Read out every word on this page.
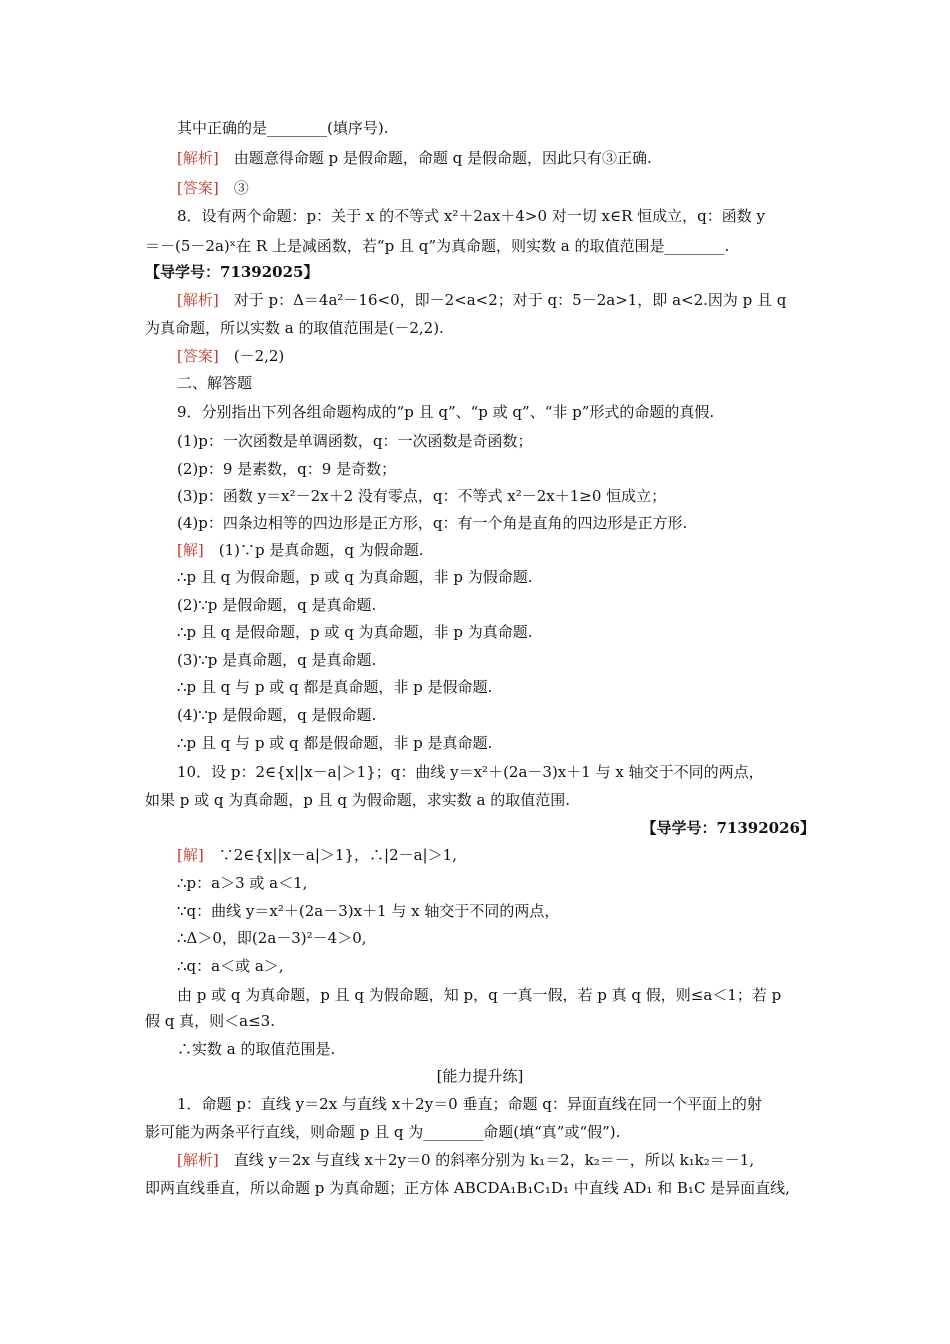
其中正确的是________(填序号).
[解析]　由题意得命题 p 是假命题，命题 q 是假命题，因此只有③正确.
[答案]　③
8．设有两个命题：p：关于 x 的不等式 x²＋2ax＋4>0 对一切 x∈R 恒成立，q：函数 y
＝－(5－2a)ˣ在 R 上是减函数，若“p 且 q”为真命题，则实数 a 的取值范围是________.
【导学号：71392025】
[解析]　对于 p：Δ＝4a²－16<0，即－2<a<2；对于 q：5－2a>1，即 a<2.因为 p 且 q
为真命题，所以实数 a 的取值范围是(－2,2).
[答案]　(－2,2)
二、解答题
9．分别指出下列各组命题构成的“p 且 q”、“p 或 q”、“非 p”形式的命题的真假.
(1)p：一次函数是单调函数，q：一次函数是奇函数；
(2)p：9 是素数，q：9 是奇数；
(3)p：函数 y＝x²－2x＋2 没有零点，q：不等式 x²－2x＋1≥0 恒成立；
(4)p：四条边相等的四边形是正方形，q：有一个角是直角的四边形是正方形.
[解]　(1)∵p 是真命题，q 为假命题.
∴p 且 q 为假命题，p 或 q 为真命题，非 p 为假命题.
(2)∵p 是假命题，q 是真命题.
∴p 且 q 是假命题，p 或 q 为真命题，非 p 为真命题.
(3)∵p 是真命题，q 是真命题.
∴p 且 q 与 p 或 q 都是真命题，非 p 是假命题.
(4)∵p 是假命题，q 是假命题.
∴p 且 q 与 p 或 q 都是假命题，非 p 是真命题.
10．设 p：2∈{x||x－a|＞1}；q：曲线 y＝x²＋(2a－3)x＋1 与 x 轴交于不同的两点，
如果 p 或 q 为真命题，p 且 q 为假命题，求实数 a 的取值范围.
【导学号：71392026】
[解]　∵2∈{x||x－a|＞1}，∴|2－a|＞1,
∴p：a＞3 或 a＜1,
∵q：曲线 y＝x²＋(2a－3)x＋1 与 x 轴交于不同的两点，
∴Δ＞0，即(2a－3)²－4＞0,
∴q：a＜或 a＞,
由 p 或 q 为真命题，p 且 q 为假命题，知 p，q 一真一假，若 p 真 q 假，则≤a＜1；若 p
假 q 真，则＜a≤3.
∴实数 a 的取值范围是.
[能力提升练]
1．命题 p：直线 y＝2x 与直线 x＋2y＝0 垂直；命题 q：异面直线在同一个平面上的射
影可能为两条平行直线，则命题 p 且 q 为________命题(填“真”或“假”).
[解析]　直线 y＝2x 与直线 x＋2y＝0 的斜率分别为 k₁＝2，k₂＝－，所以 k₁k₂＝－1,
即两直线垂直，所以命题 p 为真命题；正方体 ABCDA₁B₁C₁D₁ 中直线 AD₁ 和 B₁C 是异面直线,
